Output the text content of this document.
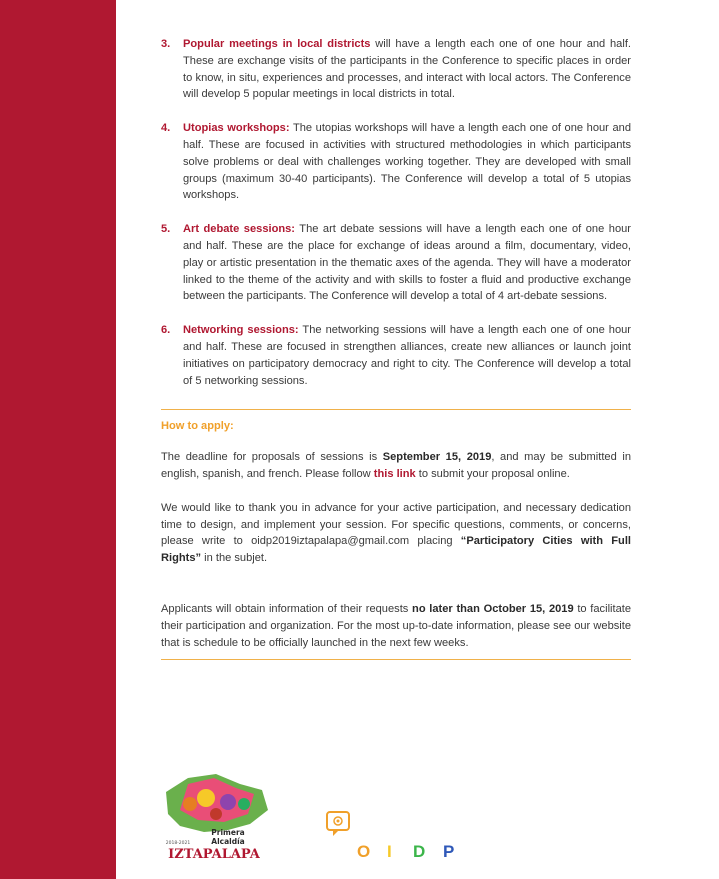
3. Popular meetings in local districts will have a length each one of one hour and half. These are exchange visits of the participants in the Conference to specific places in order to know, in situ, experiences and processes, and interact with local actors. The Conference will develop 5 popular meetings in local districts in total.
4. Utopias workshops: The utopias workshops will have a length each one of one hour and half. These are focused in activities with structured methodologies in which participants solve problems or deal with challenges working together. They are developed with small groups (maximum 30-40 participants). The Conference will develop a total of 5 utopias workshops.
5. Art debate sessions: The art debate sessions will have a length each one of one hour and half. These are the place for exchange of ideas around a film, documentary, video, play or artistic presentation in the thematic axes of the agenda. They will have a moderator linked to the theme of the activity and with skills to foster a fluid and productive exchange between the participants. The Conference will develop a total of 4 art-debate sessions.
6. Networking sessions: The networking sessions will have a length each one of one hour and half. These are focused in strengthen alliances, create new alliances or launch joint initiatives on participatory democracy and right to city. The Conference will develop a total of 5 networking sessions.
How to apply:

The deadline for proposals of sessions is September 15, 2019, and may be submitted in english, spanish, and french. Please follow this link to submit your proposal online.

We would like to thank you in advance for your active participation, and necessary dedication time to design, and implement your session. For specific questions, comments, or concerns, please write to oidp2019iztapalapa@gmail.com placing “Participatory Cities with Full Rights” in the subjet.

Applicants will obtain information of their requests no later than October 15, 2019 to facilitate their participation and organization. For the most up-to-date information, please see our website that is schedule to be officially launched in the next few weeks.

Primera
Alcaldía
2018-2021
IZTAPALAPA	O I D P
